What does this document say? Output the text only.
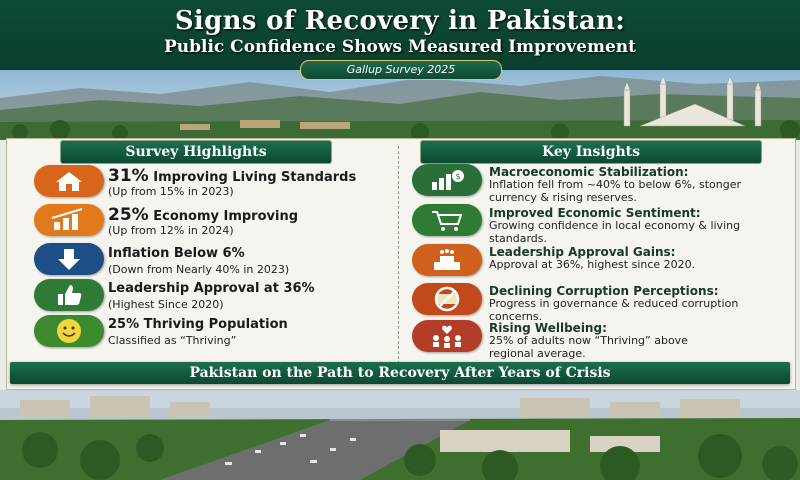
Signs of Recovery in Pakistan:
Public Confidence Shows Measured Improvement
Gallup Survey 2025
Survey Highlights	Key Insights
31% Improving Living Standards
(Up from 15% in 2023)
25% Economy Improving
(Up from 12% in 2024)
Inflation Below 6%
(Down from Nearly 40% in 2023)
Leadership Approval at 36%
(Highest Since 2020)
25% Thriving Population
Classified as “Thriving”
$ Macroeconomic Stabilization:
Inflation fell from ~40% to below 6%, stonger currency & rising reserves.
Improved Economic Sentiment:
Growing confidence in local economy & living standards.
Leadership Approval Gains:
Approval at 36%, highest since 2020.
Declining Corruption Perceptions:
Progress in governance & reduced corruption concerns.
Rising Wellbeing:
25% of adults now “Thriving” above regional average.
Pakistan on the Path to Recovery After Years of Crisis
